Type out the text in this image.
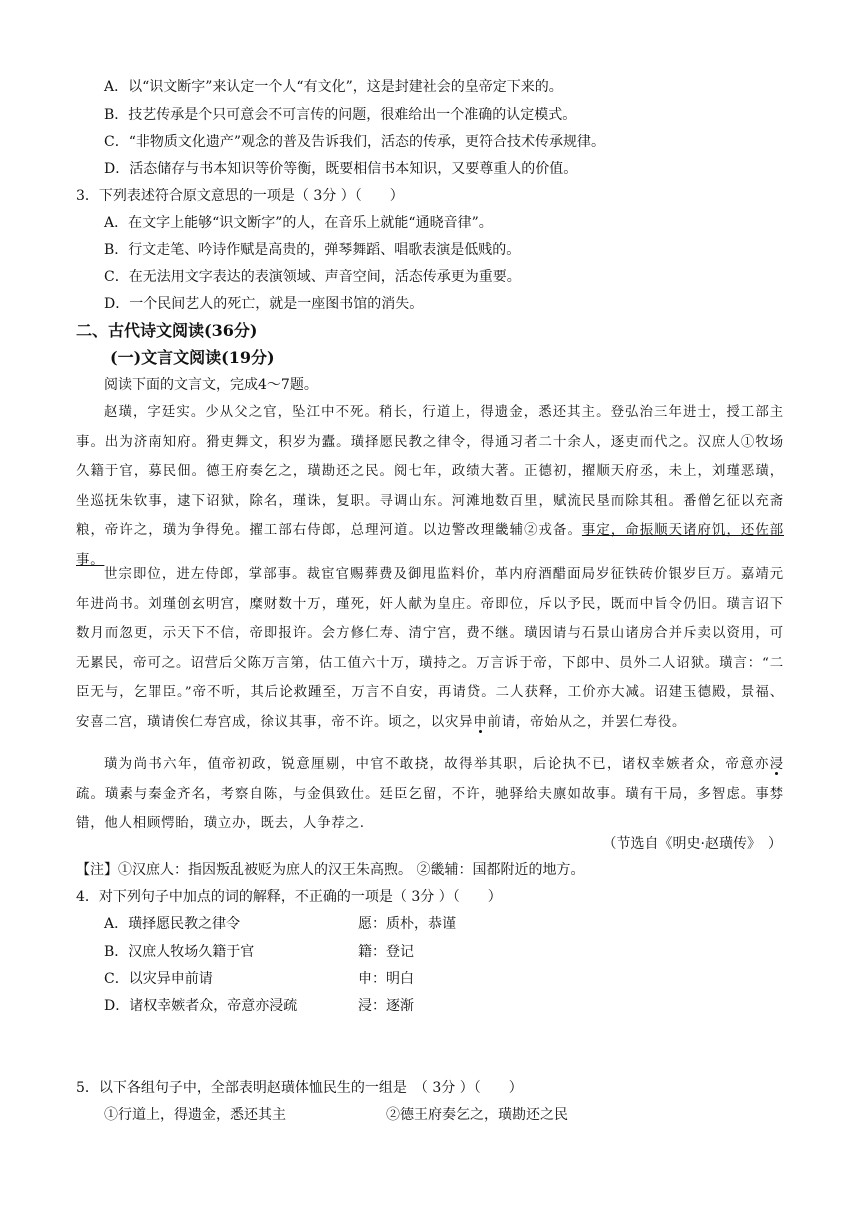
A．以“识文断字”来认定一个人“有文化”，这是封建社会的皇帝定下来的。
B．技艺传承是个只可意会不可言传的问题，很难给出一个准确的认定模式。
C．“非物质文化遗产”观念的普及告诉我们，活态的传承，更符合技术传承规律。
D．活态储存与书本知识等价等衡，既要相信书本知识，又要尊重人的价值。
3．下列表述符合原文意思的一项是（ 3分 ）（　　）
A．在文字上能够“识文断字”的人，在音乐上就能“通晓音律”。
B．行文走笔、吟诗作赋是高贵的，弹琴舞蹈、唱歌表演是低贱的。
C．在无法用文字表达的表演领域、声音空间，活态传承更为重要。
D．一个民间艺人的死亡，就是一座图书馆的消失。
二、古代诗文阅读(36分)
(一)文言文阅读(19分)
阅读下面的文言文，完成4～7题。
赵璜，字廷实。少从父之官，坠江中不死。稍长，行道上，得遗金，悉还其主。登弘治三年进士，授工部主事。出为济南知府。猾吏舞文，积岁为蠹。璜择愿民教之律令，得通习者二十余人，逐吏而代之。汉庶人①牧场久籍于官，募民佃。德王府奏乞之，璜勘还之民。阅七年，政绩大著。正德初，擢顺天府丞，未上，刘瑾恶璜，坐巡抚朱钦事，逮下诏狱，除名，瑾诛，复职。寻调山东。河滩地数百里，赋流民垦而除其租。番僧乞征以充斋粮，帝许之，璜为争得免。擢工部右侍郎，总理河道。以边警改理畿辅②戎备。事定，命振顺天诸府饥，还佐部事。
世宗即位，进左侍郎，掌部事。裁宦官赐葬费及御甩监料价，革内府酒醋面局岁征铁砖价银岁巨万。嘉靖元年进尚书。刘瑾创玄明宫，糜财数十万，瑾死，奸人献为皇庄。帝即位，斥以予民，既而中旨令仍旧。璜言诏下数月而忽更，示天下不信，帝即报许。会方修仁寿、清宁宫，费不继。璜因请与石景山诸房合并斥卖以资用，可无累民，帝可之。诏营后父陈万言第，估工值六十万，璜持之。万言诉于帝，下郎中、员外二人诏狱。璜言：“二臣无与，乞罪臣。”帝不听，其后论救踵至，万言不自安，再请贷。二人获释，工价亦大减。诏建玉德殿，景福、安喜二宫，璜请俟仁寿宫成，徐议其事，帝不许。顷之，以灾异申前请，帝始从之，并罢仁寿役。
璜为尚书六年，值帝初政，锐意厘剔，中官不敢挠，故得举其职，后论执不已，诸权幸嫉者众，帝意亦浸疏。璜素与秦金齐名，考察自陈，与金俱致仕。廷臣乞留，不许，驰驿给夫廪如故事。璜有干局，多智虑。事棼错，他人相顾愕眙，璜立办，既去，人争荐之.
（节选自《明史·赵璜传》　）
【注】①汉庶人：指因叛乱被贬为庶人的汉王朱高煦。 ②畿辅：国都附近的地方。
4．对下列句子中加点的词的解释，不正确的一项是（ 3分 ）（　　）
A．璜择愿民教之律令	愿：质朴，恭谨
B．汉庶人牧场久籍于官	籍：登记
C．以灾异申前请	申：明白
D．诸权幸嫉者众，帝意亦浸疏	浸：逐渐
5．以下各组句子中，全部表明赵璜体恤民生的一组是　（ 3分 ）（　　）
①行道上，得遗金，悉还其主	②德王府奏乞之，璜勘还之民
